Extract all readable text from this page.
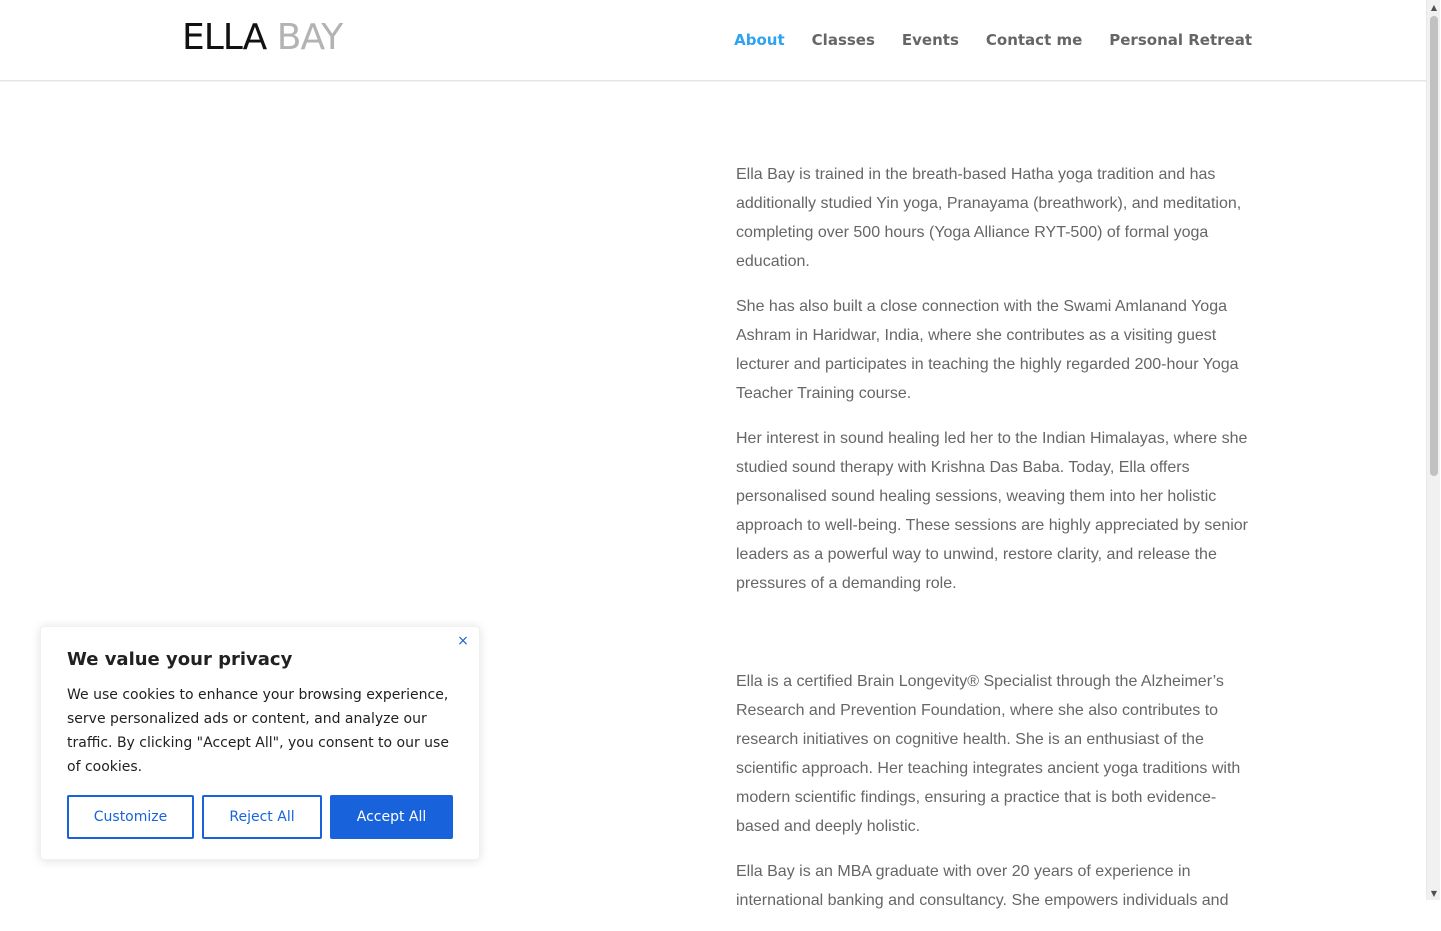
ELLA BAY	About Classes Events Contact me Personal Retreat

Ella Bay is trained in the breath-based Hatha yoga tradition and has additionally studied Yin yoga, Pranayama (breathwork), and meditation, completing over 500 hours (Yoga Alliance RYT-500) of formal yoga education.

She has also built a close connection with the Swami Amlanand Yoga Ashram in Haridwar, India, where she contributes as a visiting guest lecturer and participates in teaching the highly regarded 200-hour Yoga Teacher Training course.

Her interest in sound healing led her to the Indian Himalayas, where she studied sound therapy with Krishna Das Baba. Today, Ella offers personalised sound healing sessions, weaving them into her holistic approach to well-being. These sessions are highly appreciated by senior leaders as a powerful way to unwind, restore clarity, and release the pressures of a demanding role.

Ella is a certified Brain Longevity® Specialist through the Alzheimer’s Research and Prevention Foundation, where she also contributes to research initiatives on cognitive health. She is an enthusiast of the scientific approach. Her teaching integrates ancient yoga traditions with modern scientific findings, ensuring a practice that is both evidence-based and deeply holistic.

Ella Bay is an MBA graduate with over 20 years of experience in international banking and consultancy. She empowers individuals and

▲
▼
×
We value your privacy
We use cookies to enhance your browsing experience, serve personalized ads or content, and analyze our traffic. By clicking "Accept All", you consent to our use of cookies.
Customize	Reject All	Accept All
